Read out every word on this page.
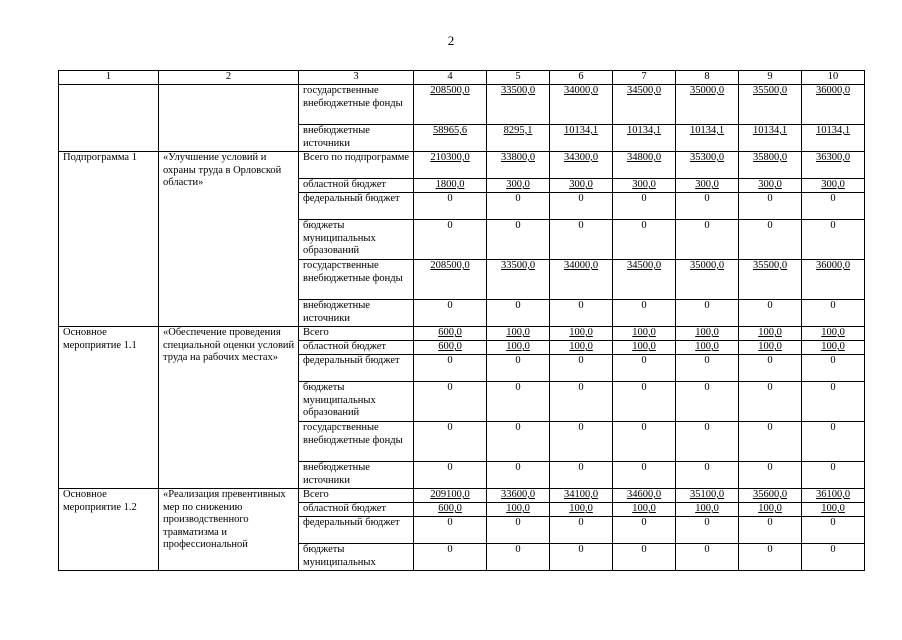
2
1	2	3	4	5	6	7	8	9	10
		государственные внебюджетные фонды	208500,0	33500,0	34000,0	34500,0	35000,0	35500,0	36000,0
		внебюджетные источники	58965,6	8295,1	10134,1	10134,1	10134,1	10134,1	10134,1
Подпрограмма 1	«Улучшение условий и охраны труда в Орловской области»	Всего по подпрограмме	210300,0	33800,0	34300,0	34800,0	35300,0	35800,0	36300,0
		областной бюджет	1800,0	300,0	300,0	300,0	300,0	300,0	300,0
		федеральный бюджет	0	0	0	0	0	0	0
		бюджеты муниципальных образований	0	0	0	0	0	0	0
		государственные внебюджетные фонды	208500,0	33500,0	34000,0	34500,0	35000,0	35500,0	36000,0
		внебюджетные источники	0	0	0	0	0	0	0
Основное мероприятие 1.1	«Обеспечение проведения специальной оценки условий труда на рабочих местах»	Всего	600,0	100,0	100,0	100,0	100,0	100,0	100,0
		областной бюджет	600,0	100,0	100,0	100,0	100,0	100,0	100,0
		федеральный бюджет	0	0	0	0	0	0	0
		бюджеты муниципальных образований	0	0	0	0	0	0	0
		государственные внебюджетные фонды	0	0	0	0	0	0	0
		внебюджетные источники	0	0	0	0	0	0	0
Основное мероприятие 1.2	«Реализация превентивных мер по снижению производственного травматизма и профессиональной	Всего	209100,0	33600,0	34100,0	34600,0	35100,0	35600,0	36100,0
		областной бюджет	600,0	100,0	100,0	100,0	100,0	100,0	100,0
		федеральный бюджет	0	0	0	0	0	0	0
		бюджеты муниципальных	0	0	0	0	0	0	0
